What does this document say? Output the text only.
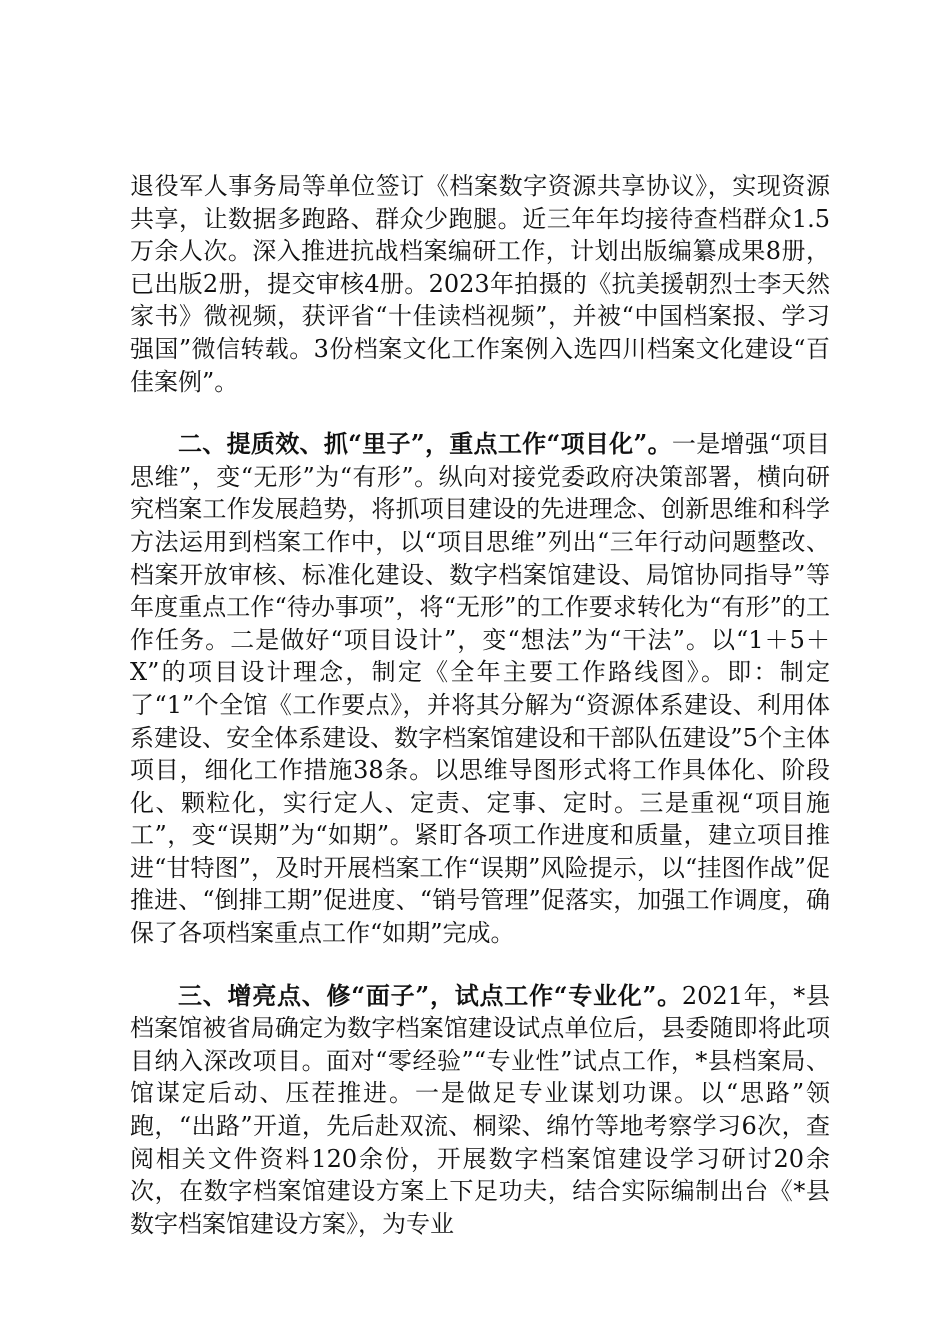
退役军人事务局等单位签订《档案数字资源共享协议》，实现资源共享，让数据多跑路、群众少跑腿。近三年年均接待查档群众1.5万余人次。深入推进抗战档案编研工作，计划出版编纂成果8册，已出版2册，提交审核4册。2023年拍摄的《抗美援朝烈士李天然家书》微视频，获评省“十佳读档视频”，并被“中国档案报、学习强国”微信转载。3份档案文化工作案例入选四川档案文化建设“百佳案例”。

二、提质效、抓“里子”，重点工作“项目化”。一是增强“项目思维”，变“无形”为“有形”。纵向对接党委政府决策部署，横向研究档案工作发展趋势，将抓项目建设的先进理念、创新思维和科学方法运用到档案工作中，以“项目思维”列出“三年行动问题整改、档案开放审核、标准化建设、数字档案馆建设、局馆协同指导”等年度重点工作“待办事项”，将“无形”的工作要求转化为“有形”的工作任务。二是做好“项目设计”，变“想法”为“干法”。以“1＋5＋X”的项目设计理念，制定《全年主要工作路线图》。即：制定了“1”个全馆《工作要点》，并将其分解为“资源体系建设、利用体系建设、安全体系建设、数字档案馆建设和干部队伍建设”5个主体项目，细化工作措施38条。以思维导图形式将工作具体化、阶段化、颗粒化，实行定人、定责、定事、定时。三是重视“项目施工”，变“误期”为“如期”。紧盯各项工作进度和质量，建立项目推进“甘特图”，及时开展档案工作“误期”风险提示，以“挂图作战”促推进、“倒排工期”促进度、“销号管理”促落实，加强工作调度，确保了各项档案重点工作“如期”完成。

三、增亮点、修“面子”，试点工作“专业化”。2021年，*县档案馆被省局确定为数字档案馆建设试点单位后，县委随即将此项目纳入深改项目。面对“零经验”“专业性”试点工作，*县档案局、馆谋定后动、压茬推进。一是做足专业谋划功课。以“思路”领跑，“出路”开道，先后赴双流、桐梁、绵竹等地考察学习6次，查阅相关文件资料120余份，开展数字档案馆建设学习研讨20余次，在数字档案馆建设方案上下足功夫，结合实际编制出台《*县数字档案馆建设方案》，为专业
